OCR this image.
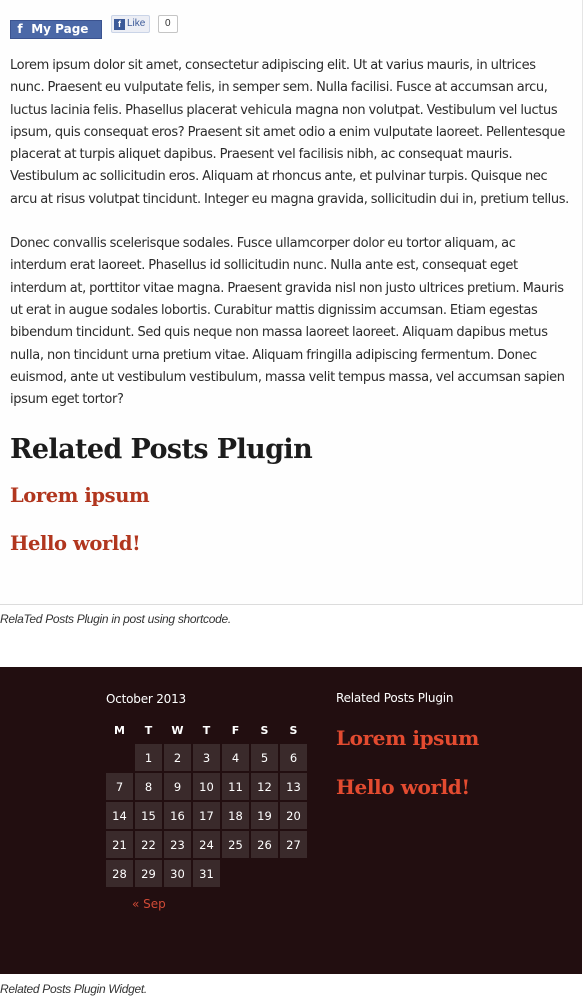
f My Page	f Like	0

Lorem ipsum dolor sit amet, consectetur adipiscing elit. Ut at varius mauris, in ultrices nunc. Praesent eu vulputate felis, in semper sem. Nulla facilisi. Fusce at accumsan arcu, luctus lacinia felis. Phasellus placerat vehicula magna non volutpat. Vestibulum vel luctus ipsum, quis consequat eros? Praesent sit amet odio a enim vulputate laoreet. Pellentesque placerat at turpis aliquet dapibus. Praesent vel facilisis nibh, ac consequat mauris. Vestibulum ac sollicitudin eros. Aliquam at rhoncus ante, et pulvinar turpis. Quisque nec arcu at risus volutpat tincidunt. Integer eu magna gravida, sollicitudin dui in, pretium tellus.

Donec convallis scelerisque sodales. Fusce ullamcorper dolor eu tortor aliquam, ac interdum erat laoreet. Phasellus id sollicitudin nunc. Nulla ante est, consequat eget interdum at, porttitor vitae magna. Praesent gravida nisl non justo ultrices pretium. Mauris ut erat in augue sodales lobortis. Curabitur mattis dignissim accumsan. Etiam egestas bibendum tincidunt. Sed quis neque non massa laoreet laoreet. Aliquam dapibus metus nulla, non tincidunt urna pretium vitae. Aliquam fringilla adipiscing fermentum. Donec euismod, ante ut vestibulum vestibulum, massa velit tempus massa, vel accumsan sapien ipsum eget tortor?

Related Posts Plugin
Lorem ipsum
Hello world!
RelaTed Posts Plugin in post using shortcode.
October 2013
M	T	W	T	F	S	S
	1	2	3	4	5	6
7	8	9	10	11	12	13
14	15	16	17	18	19	20
21	22	23	24	25	26	27
28	29	30	31			
« Sep
Related Posts Plugin
Lorem ipsum
Hello world!
Related Posts Plugin Widget.
